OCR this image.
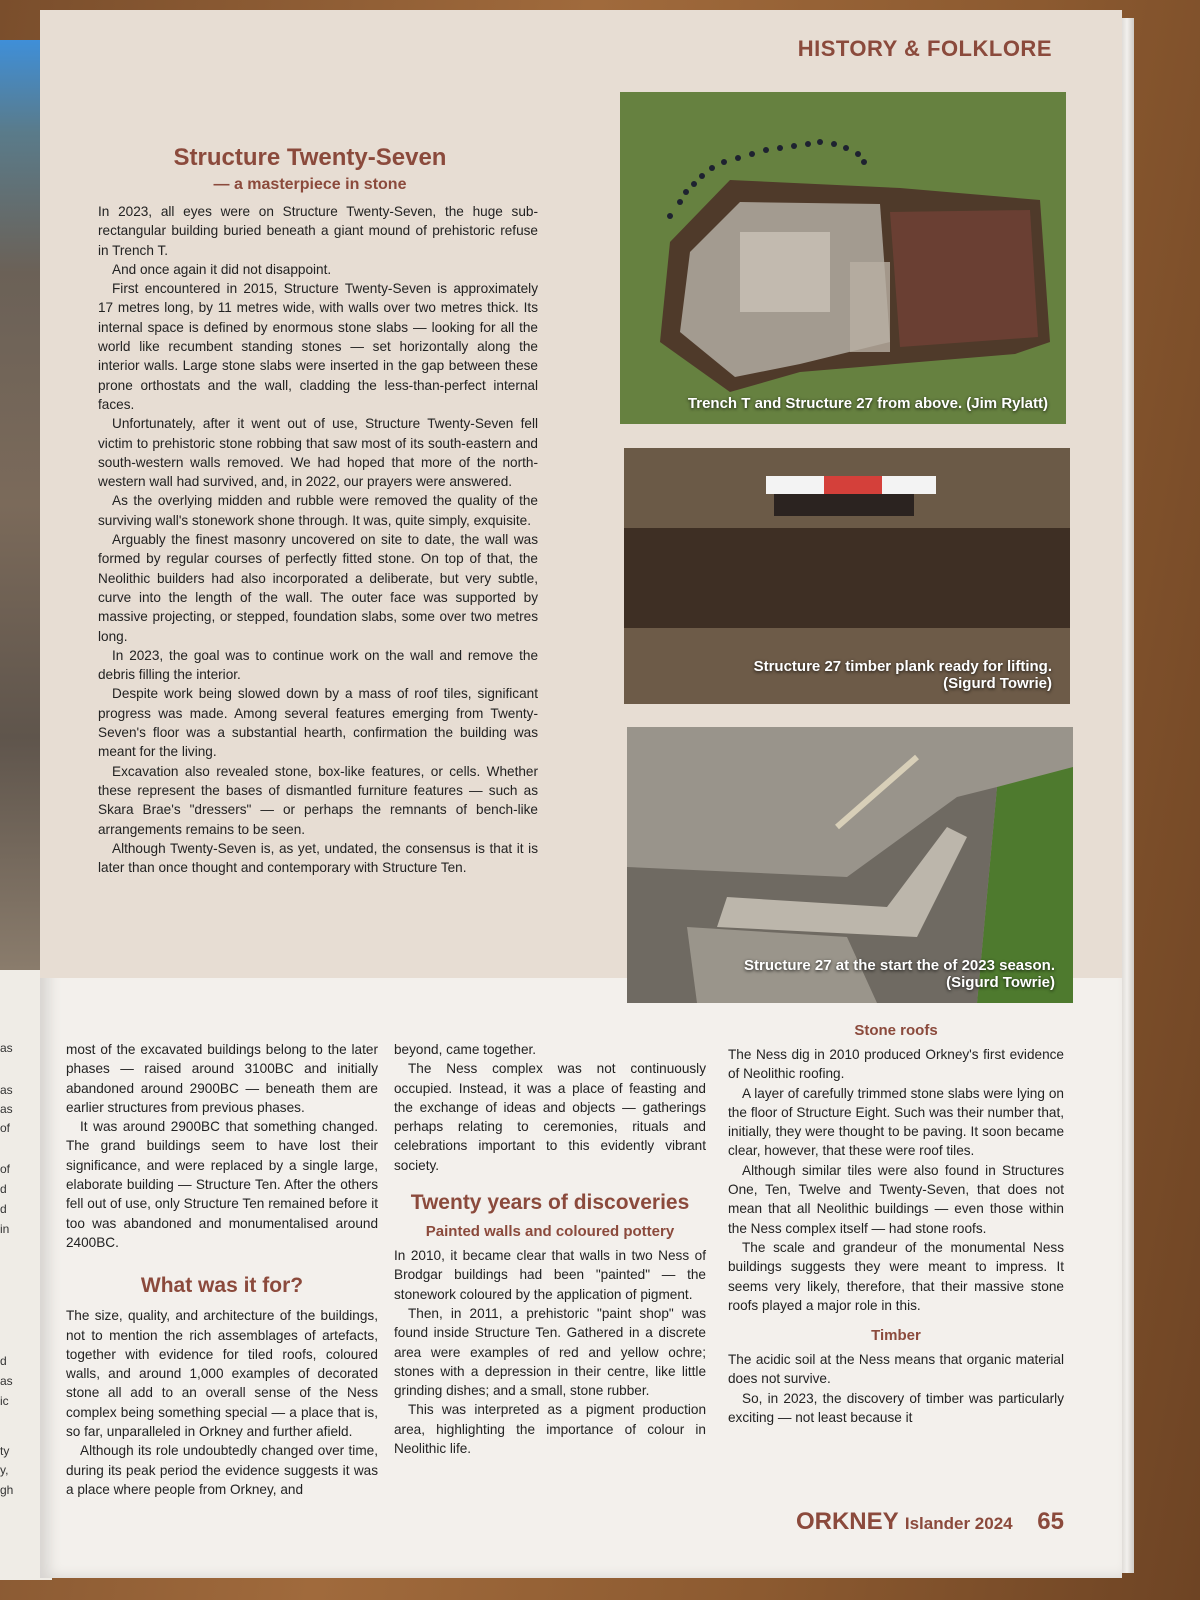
as
as
as
of
of
d
d
in
d
as
ic
ty
y,
gh
HISTORY & FOLKLORE
Structure Twenty-Seven
— a masterpiece in stone

In 2023, all eyes were on Structure Twenty-Seven, the huge sub-rectangular building buried beneath a giant mound of prehistoric refuse in Trench T.

And once again it did not disappoint.

First encountered in 2015, Structure Twenty-Seven is approximately 17 metres long, by 11 metres wide, with walls over two metres thick. Its internal space is defined by enormous stone slabs — looking for all the world like recumbent standing stones — set horizontally along the interior walls. Large stone slabs were inserted in the gap between these prone orthostats and the wall, cladding the less-than-perfect internal faces.

Unfortunately, after it went out of use, Structure Twenty-Seven fell victim to prehistoric stone robbing that saw most of its south-eastern and south-western walls removed. We had hoped that more of the north-western wall had survived, and, in 2022, our prayers were answered.

As the overlying midden and rubble were removed the quality of the surviving wall's stonework shone through. It was, quite simply, exquisite.

Arguably the finest masonry uncovered on site to date, the wall was formed by regular courses of perfectly fitted stone. On top of that, the Neolithic builders had also incorporated a deliberate, but very subtle, curve into the length of the wall. The outer face was supported by massive projecting, or stepped, foundation slabs, some over two metres long.

In 2023, the goal was to continue work on the wall and remove the debris filling the interior.

Despite work being slowed down by a mass of roof tiles, significant progress was made. Among several features emerging from Twenty-Seven's floor was a substantial hearth, confirmation the building was meant for the living.

Excavation also revealed stone, box-like features, or cells. Whether these represent the bases of dismantled furniture features — such as Skara Brae's "dressers" — or perhaps the remnants of bench-like arrangements remains to be seen.

Although Twenty-Seven is, as yet, undated, the consensus is that it is later than once thought and contemporary with Structure Ten.

Trench T and Structure 27 from above. (Jim Rylatt)
Structure 27 timber plank ready for lifting.
(Sigurd Towrie)
Structure 27 at the start the of 2023 season.
(Sigurd Towrie)

most of the excavated buildings belong to the later phases — raised around 3100BC and initially abandoned around 2900BC — beneath them are earlier structures from previous phases.

It was around 2900BC that something changed. The grand buildings seem to have lost their significance, and were replaced by a single large, elaborate building — Structure Ten. After the others fell out of use, only Structure Ten remained before it too was abandoned and monumentalised around 2400BC.

What was it for?

The size, quality, and architecture of the buildings, not to mention the rich assemblages of artefacts, together with evidence for tiled roofs, coloured walls, and around 1,000 examples of decorated stone all add to an overall sense of the Ness complex being something special — a place that is, so far, unparalleled in Orkney and further afield.

Although its role undoubtedly changed over time, during its peak period the evidence suggests it was a place where people from Orkney, and

beyond, came together.

The Ness complex was not continuously occupied. Instead, it was a place of feasting and the exchange of ideas and objects — gatherings perhaps relating to ceremonies, rituals and celebrations important to this evidently vibrant society.

Twenty years of discoveries
Painted walls and coloured pottery

In 2010, it became clear that walls in two Ness of Brodgar buildings had been "painted" — the stonework coloured by the application of pigment.

Then, in 2011, a prehistoric "paint shop" was found inside Structure Ten. Gathered in a discrete area were examples of red and yellow ochre; stones with a depression in their centre, like little grinding dishes; and a small, stone rubber.

This was interpreted as a pigment production area, highlighting the importance of colour in Neolithic life.

Stone roofs

The Ness dig in 2010 produced Orkney's first evidence of Neolithic roofing.

A layer of carefully trimmed stone slabs were lying on the floor of Structure Eight. Such was their number that, initially, they were thought to be paving. It soon became clear, however, that these were roof tiles.

Although similar tiles were also found in Structures One, Ten, Twelve and Twenty-Seven, that does not mean that all Neolithic buildings — even those within the Ness complex itself — had stone roofs.

The scale and grandeur of the monumental Ness buildings suggests they were meant to impress. It seems very likely, therefore, that their massive stone roofs played a major role in this.

Timber

The acidic soil at the Ness means that organic material does not survive.

So, in 2023, the discovery of timber was particularly exciting — not least because it

ORKNEY Islander 2024 65
